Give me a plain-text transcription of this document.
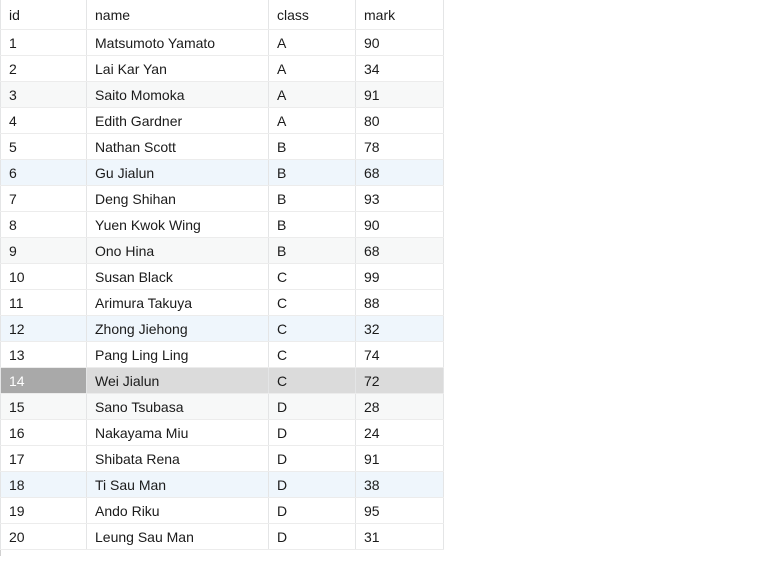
id	name	class	mark
1	Matsumoto Yamato	A	90
2	Lai Kar Yan	A	34
3	Saito Momoka	A	91
4	Edith Gardner	A	80
5	Nathan Scott	B	78
6	Gu Jialun	B	68
7	Deng Shihan	B	93
8	Yuen Kwok Wing	B	90
9	Ono Hina	B	68
10	Susan Black	C	99
11	Arimura Takuya	C	88
12	Zhong Jiehong	C	32
13	Pang Ling Ling	C	74
14	Wei Jialun	C	72
15	Sano Tsubasa	D	28
16	Nakayama Miu	D	24
17	Shibata Rena	D	91
18	Ti Sau Man	D	38
19	Ando Riku	D	95
20	Leung Sau Man	D	31
